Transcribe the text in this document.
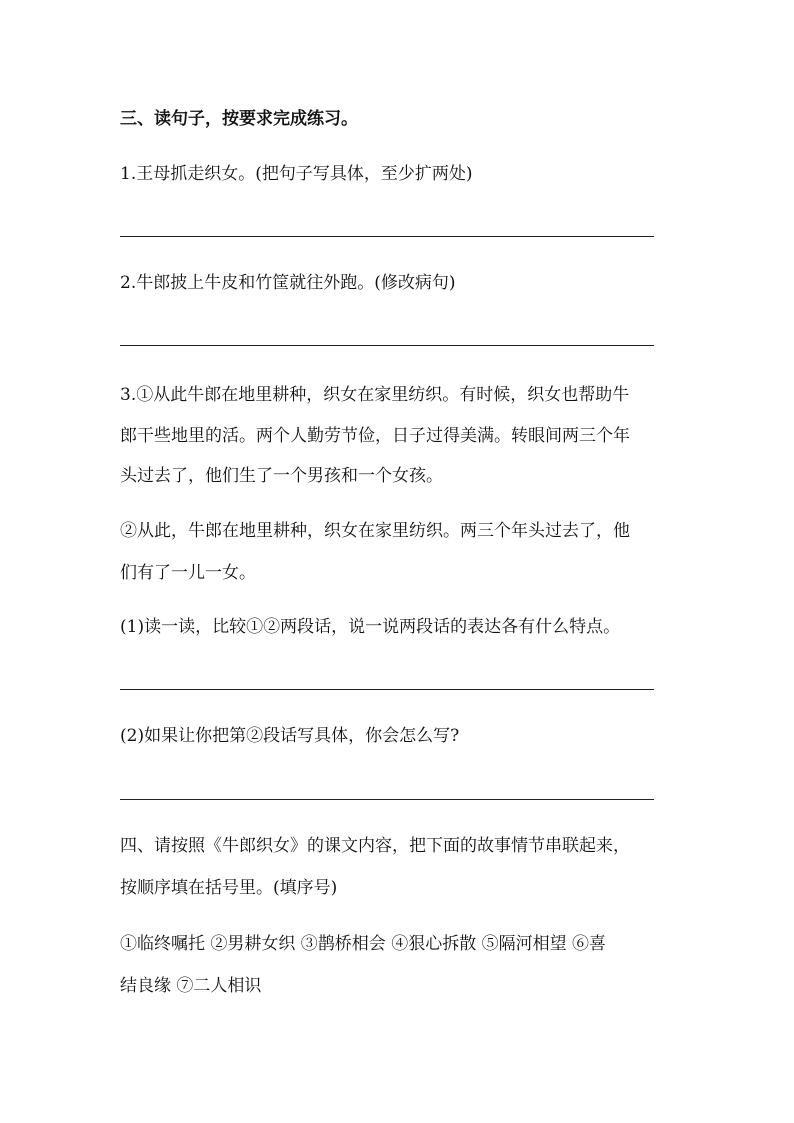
三、读句子，按要求完成练习。
1.王母抓走织女。(把句子写具体，至少扩两处)
2.牛郎披上牛皮和竹筐就往外跑。(修改病句)
3.①从此牛郎在地里耕种，织女在家里纺织。有时候，织女也帮助牛
郎干些地里的活。两个人勤劳节俭，日子过得美满。转眼间两三个年
头过去了，他们生了一个男孩和一个女孩。
②从此，牛郎在地里耕种，织女在家里纺织。两三个年头过去了，他
们有了一儿一女。
(1)读一读，比较①②两段话，说一说两段话的表达各有什么特点。
(2)如果让你把第②段话写具体，你会怎么写?
四、请按照《牛郎织女》的课文内容，把下面的故事情节串联起来，
按顺序填在括号里。(填序号)
①临终嘱托 ②男耕女织 ③鹊桥相会 ④狠心拆散 ⑤隔河相望 ⑥喜
结良缘 ⑦二人相识
